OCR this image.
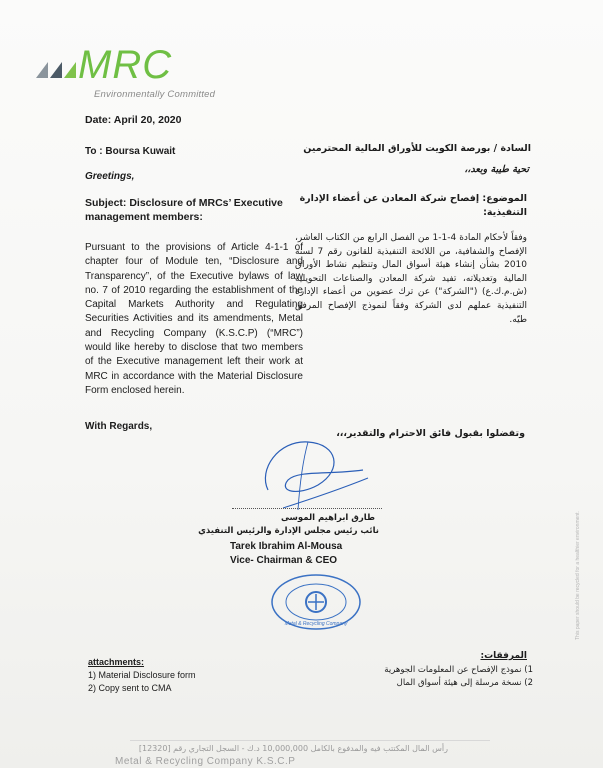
MRC
Environmentally Committed
Date: April 20, 2020
To : Boursa Kuwait
Greetings,
Subject: Disclosure of MRCs’ Executive management members:
Pursuant to the provisions of Article 4-1-1 of chapter four of Module ten, “Disclosure and Transparency”, of the Executive bylaws of law no. 7 of 2010 regarding the establishment of the Capital Markets Authority and Regulating Securities Activities and its amendments, Metal and Recycling Company (K.S.C.P) (“MRC”) would like hereby to disclose that two members of the Executive management left their work at MRC in accordance with the Material Disclosure Form enclosed herein.
With Regards,
السادة / بورصة الكويت للأوراق المالية المحترمين
تحية طيبة وبعد،،
الموضوع: إفصاح شركة المعادن عن أعضاء الإدارة التنفيذية:
وفقاً لأحكام المادة 4-1-1 من الفصل الرابع من الكتاب العاشر، الإفصاح والشفافية، من اللائحة التنفيذية للقانون رقم 7 لسنة 2010 بشأن إنشاء هيئة أسواق المال وتنظيم نشاط الأوراق المالية وتعديلاته، تفيد شركة المعادن والصناعات التحويلية (ش.م.ك.ع) ("الشركة") عن ترك عضوين من أعضاء الإدارة التنفيذية عملهم لدى الشركة وفقاً لنموذج الإفصاح المرفق طيّه.
وتفضلوا بقبول فائق الاحترام والتقدير،،،
طارق ابراهيم الموسى
نائب رئيس مجلس الإدارة والرئيس التنفيذي
Tarek Ibrahim Al-Mousa
Vice- Chairman & CEO
Metal & Recycling Company
attachments:
1) Material Disclosure form
2) Copy sent to CMA
المرفقات:
1) نموذج الإفصاح عن المعلومات الجوهرية
2) نسخة مرسلة إلى هيئة أسواق المال
رأس المال المكتتب فيه والمدفوع بالكامل 10,000,000 د.ك - السجل التجاري رقم [12320]
Metal & Recycling Company K.S.C.P
This paper should be recycled for a healthier environment.
